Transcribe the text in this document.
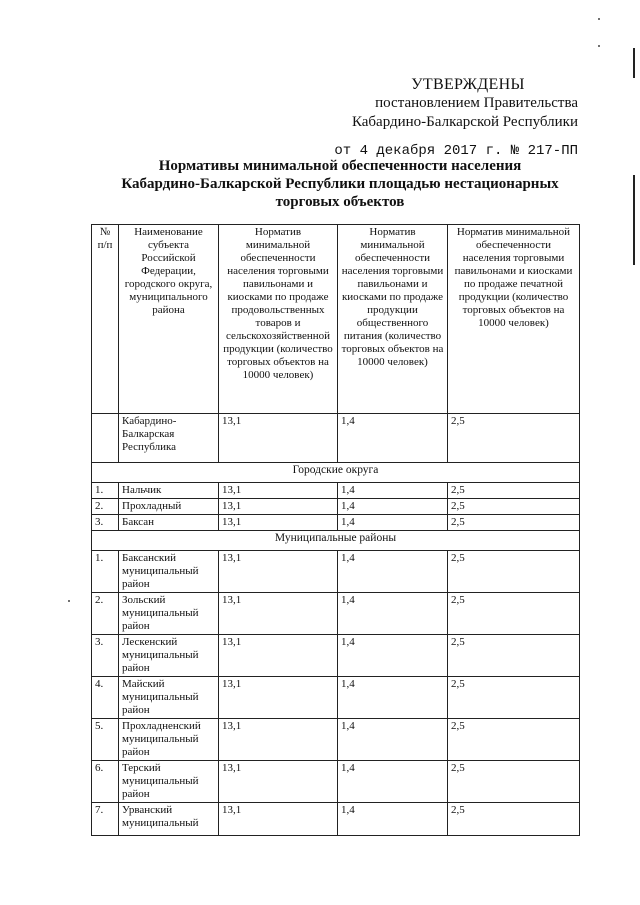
УТВЕРЖДЕНЫ
постановлением Правительства
Кабардино-Балкарской Республики
от 4 декабря 2017 г. № 217-ПП
Нормативы минимальной обеспеченности населения
Кабардино-Балкарской Республики площадью нестационарных
торговых объектов
№ п/п	Наименование субъекта Российской Федерации, городского округа, муниципального района	Норматив минимальной обеспеченности населения торговыми павильонами и киосками по продаже продовольственных товаров и сельскохозяйственной продукции (количество торговых объектов на 10000 человек)	Норматив минимальной обеспеченности населения торговыми павильонами и киосками по продаже продукции общественного питания (количество торговых объектов на 10000 человек)	Норматив минимальной обеспеченности населения торговыми павильонами и киосками по продаже печатной продукции (количество торговых объектов на 10000 человек)
	Кабардино-Балкарская Республика	13,1	1,4	2,5
Городские округа				
1.	Нальчик	13,1	1,4	2,5
2.	Прохладный	13,1	1,4	2,5
3.	Баксан	13,1	1,4	2,5
Муниципальные районы				
1.	Баксанский муниципальный район	13,1	1,4	2,5
2.	Зольский муниципальный район	13,1	1,4	2,5
3.	Лескенский муниципальный район	13,1	1,4	2,5
4.	Майский муниципальный район	13,1	1,4	2,5
5.	Прохладненский муниципальный район	13,1	1,4	2,5
6.	Терский муниципальный район	13,1	1,4	2,5
7.	Урванский муниципальный	13,1	1,4	2,5
